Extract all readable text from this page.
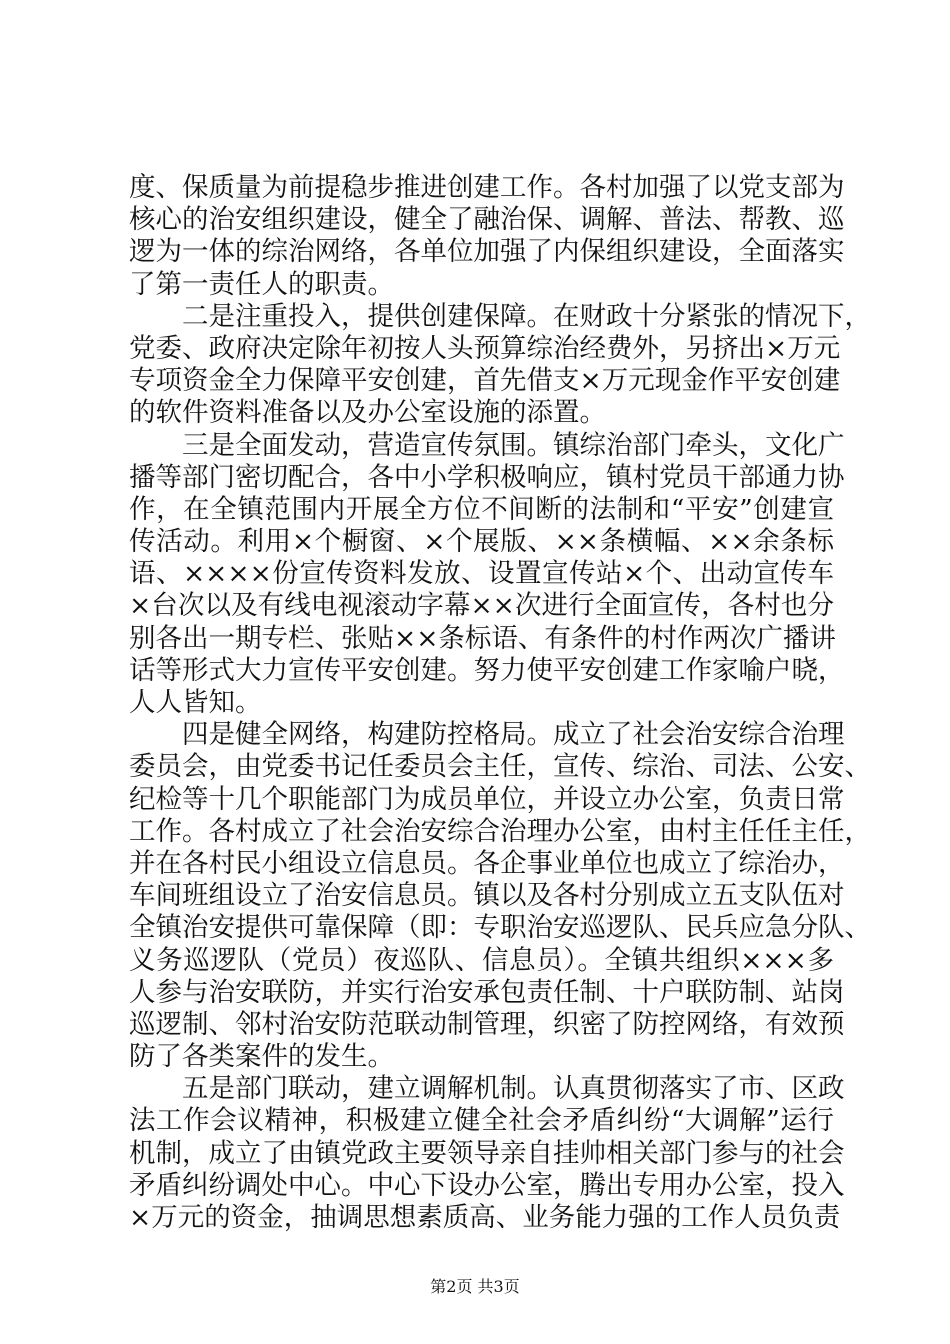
度、保质量为前提稳步推进创建工作。各村加强了以党支部为
核心的治安组织建设，健全了融治保、调解、普法、帮教、巡
逻为一体的综治网络，各单位加强了内保组织建设，全面落实
了第一责任人的职责。
二是注重投入，提供创建保障。在财政十分紧张的情况下，
党委、政府决定除年初按人头预算综治经费外，另挤出×万元
专项资金全力保障平安创建，首先借支×万元现金作平安创建
的软件资料准备以及办公室设施的添置。
三是全面发动，营造宣传氛围。镇综治部门牵头，文化广
播等部门密切配合，各中小学积极响应，镇村党员干部通力协
作，在全镇范围内开展全方位不间断的法制和“平安”创建宣
传活动。利用×个橱窗、×个展版、××条横幅、××余条标
语、××××份宣传资料发放、设置宣传站×个、出动宣传车
×台次以及有线电视滚动字幕××次进行全面宣传，各村也分
别各出一期专栏、张贴××条标语、有条件的村作两次广播讲
话等形式大力宣传平安创建。努力使平安创建工作家喻户晓，
人人皆知。
四是健全网络，构建防控格局。成立了社会治安综合治理
委员会，由党委书记任委员会主任，宣传、综治、司法、公安、
纪检等十几个职能部门为成员单位，并设立办公室，负责日常
工作。各村成立了社会治安综合治理办公室，由村主任任主任，
并在各村民小组设立信息员。各企事业单位也成立了综治办，
车间班组设立了治安信息员。镇以及各村分别成立五支队伍对
全镇治安提供可靠保障（即：专职治安巡逻队、民兵应急分队、
义务巡逻队（党员）夜巡队、信息员）。全镇共组织×××多
人参与治安联防，并实行治安承包责任制、十户联防制、站岗
巡逻制、邻村治安防范联动制管理，织密了防控网络，有效预
防了各类案件的发生。
五是部门联动，建立调解机制。认真贯彻落实了市、区政
法工作会议精神，积极建立健全社会矛盾纠纷“大调解”运行
机制，成立了由镇党政主要领导亲自挂帅相关部门参与的社会
矛盾纠纷调处中心。中心下设办公室，腾出专用办公室，投入
×万元的资金，抽调思想素质高、业务能力强的工作人员负责
第2页 共3页
